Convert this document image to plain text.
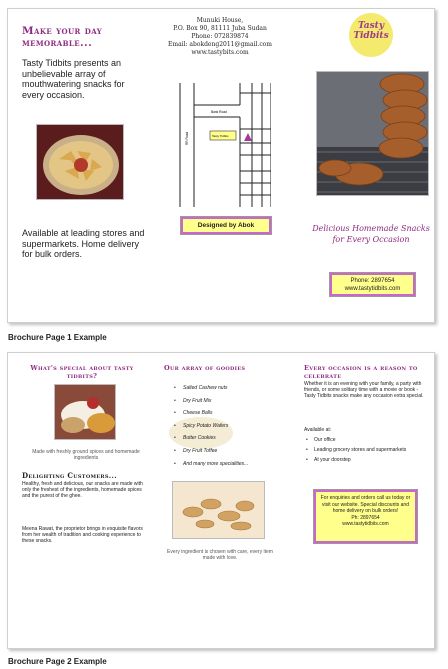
Make your day memorable...
Tasty Tidbits presents an unbelievable array of mouthwatering snacks for every occasion.
Available at leading stores and supermarkets. Home delivery for bulk orders.
Munuki House,
P.O. Box 90, 81111 Juba Sudan
Phone: 072839874
Email: abokdeng2011@gmail.com
www.tastybits.com
RR Road
Bank Road
Tasty Tidbits
Designed by Abok
Tasty
Tidbits
Delicious Homemade Snacks for Every Occasion
Phone: 2897654
www.tastytidbits.com
Brochure Page 1 Example
What's special about tasty tidbits?
Made with freshly ground spices and homemade ingredients
Delighting Customers...
Healthy, fresh and delicious, our snacks are made with only the freshest of the ingredients, homemade spices and the purest of the ghee.
Meena Rawat, the proprietor brings in exquisite flavors from her wealth of tradition and cooking experience to these snacks.
Our array of goodies
• Salted Cashew nuts
• Dry Fruit Mix
• Cheese Balls
• Spicy Potato Wafers
• Butter Cookies
• Dry Fruit Toffee
• And many more specialities...
Every ingredient is chosen with care, every item made with love.
Every occasion is a reason to celebrate
Whether it is an evening with your family, a party with friends, or some solitary time with a movie or book - Tasty Tidbits snacks make any occasion extra special.
Available at:
• Our office
• Leading grocery stores and supermarkets
• At your doorstep
For enquiries and orders call us today or visit our website. Special discounts and home delivery on bulk orders!
Ph: 2897654
www.tastytidbits.com
Brochure Page 2 Example
